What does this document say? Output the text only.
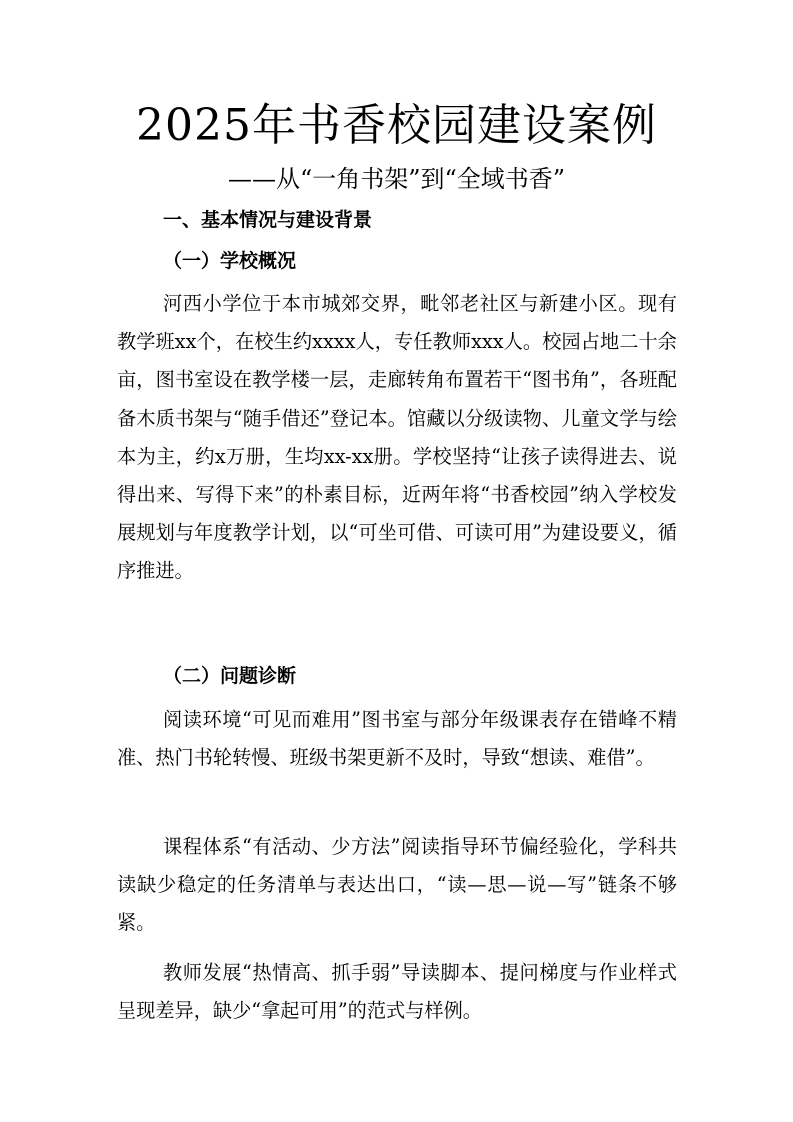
2025年书香校园建设案例
——从“一角书架”到“全域书香”
一、基本情况与建设背景
（一）学校概况

河西小学位于本市城郊交界，毗邻老社区与新建小区。现有教学班xx个，在校生约xxxx人，专任教师xxx人。校园占地二十余亩，图书室设在教学楼一层，走廊转角布置若干“图书角”，各班配备木质书架与“随手借还”登记本。馆藏以分级读物、儿童文学与绘本为主，约x万册，生均xx-xx册。学校坚持“让孩子读得进去、说得出来、写得下来”的朴素目标，近两年将“书香校园”纳入学校发展规划与年度教学计划，以“可坐可借、可读可用”为建设要义，循序推进。

（二）问题诊断

阅读环境“可见而难用”图书室与部分年级课表存在错峰不精准、热门书轮转慢、班级书架更新不及时，导致“想读、难借”。

课程体系“有活动、少方法”阅读指导环节偏经验化，学科共读缺少稳定的任务清单与表达出口，“读—思—说—写”链条不够紧。

教师发展“热情高、抓手弱”导读脚本、提问梯度与作业样式呈现差异，缺少“拿起可用”的范式与样例。
